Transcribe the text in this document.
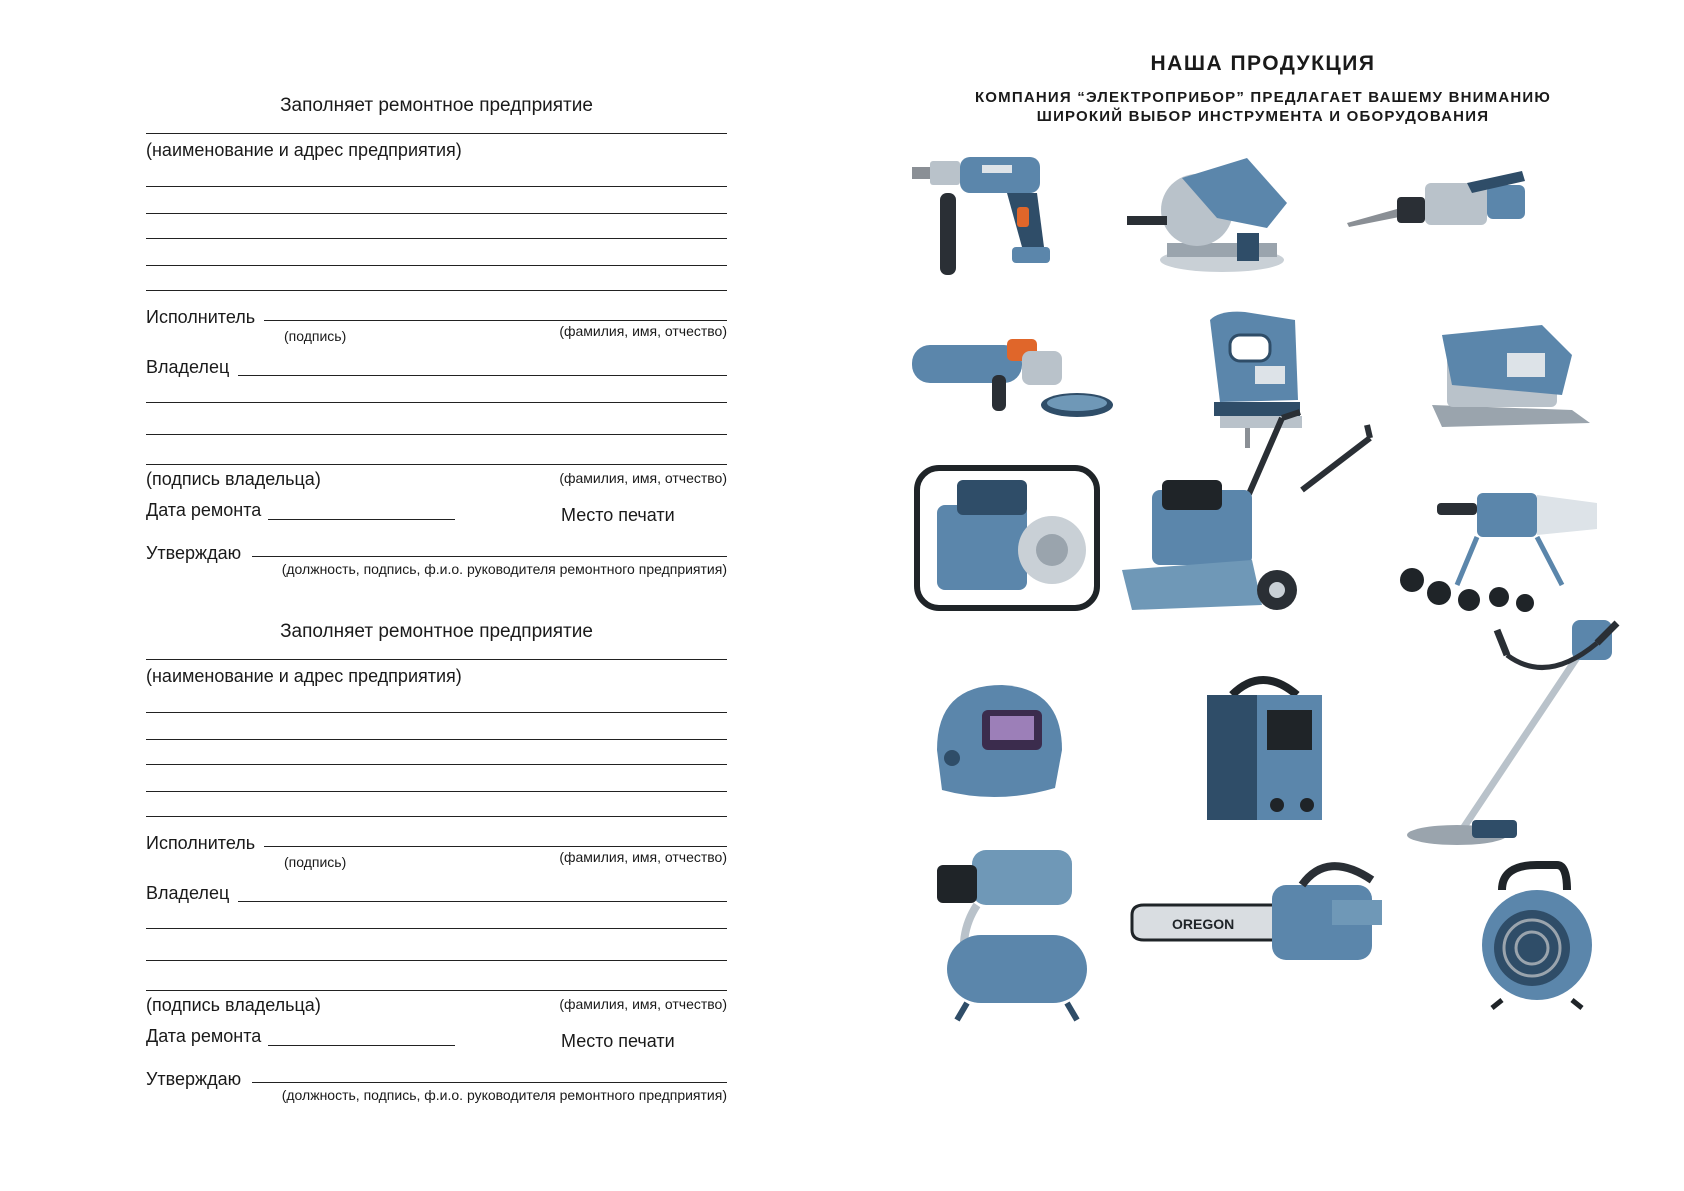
Заполняет ремонтное предприятие
(наименование и адрес предприятия)
Исполнитель
(подпись)	(фамилия, имя, отчество)
Владелец
(подпись владельца)	(фамилия, имя, отчество)
Дата ремонта	Место печати
Утверждаю
(должность, подпись, ф.и.о. руководителя ремонтного предприятия)
Заполняет ремонтное предприятие
(наименование и адрес предприятия)
Исполнитель
(подпись)	(фамилия, имя, отчество)
Владелец
(подпись владельца)	(фамилия, имя, отчество)
Дата ремонта	Место печати
Утверждаю
(должность, подпись, ф.и.о. руководителя ремонтного предприятия)
НАША ПРОДУКЦИЯ
КОМПАНИЯ “ЭЛЕКТРОПРИБОР” ПРЕДЛАГАЕТ ВАШЕМУ ВНИМАНИЮ
ШИРОКИЙ ВЫБОР ИНСТРУМЕНТА И ОБОРУДОВАНИЯ
OREGON
